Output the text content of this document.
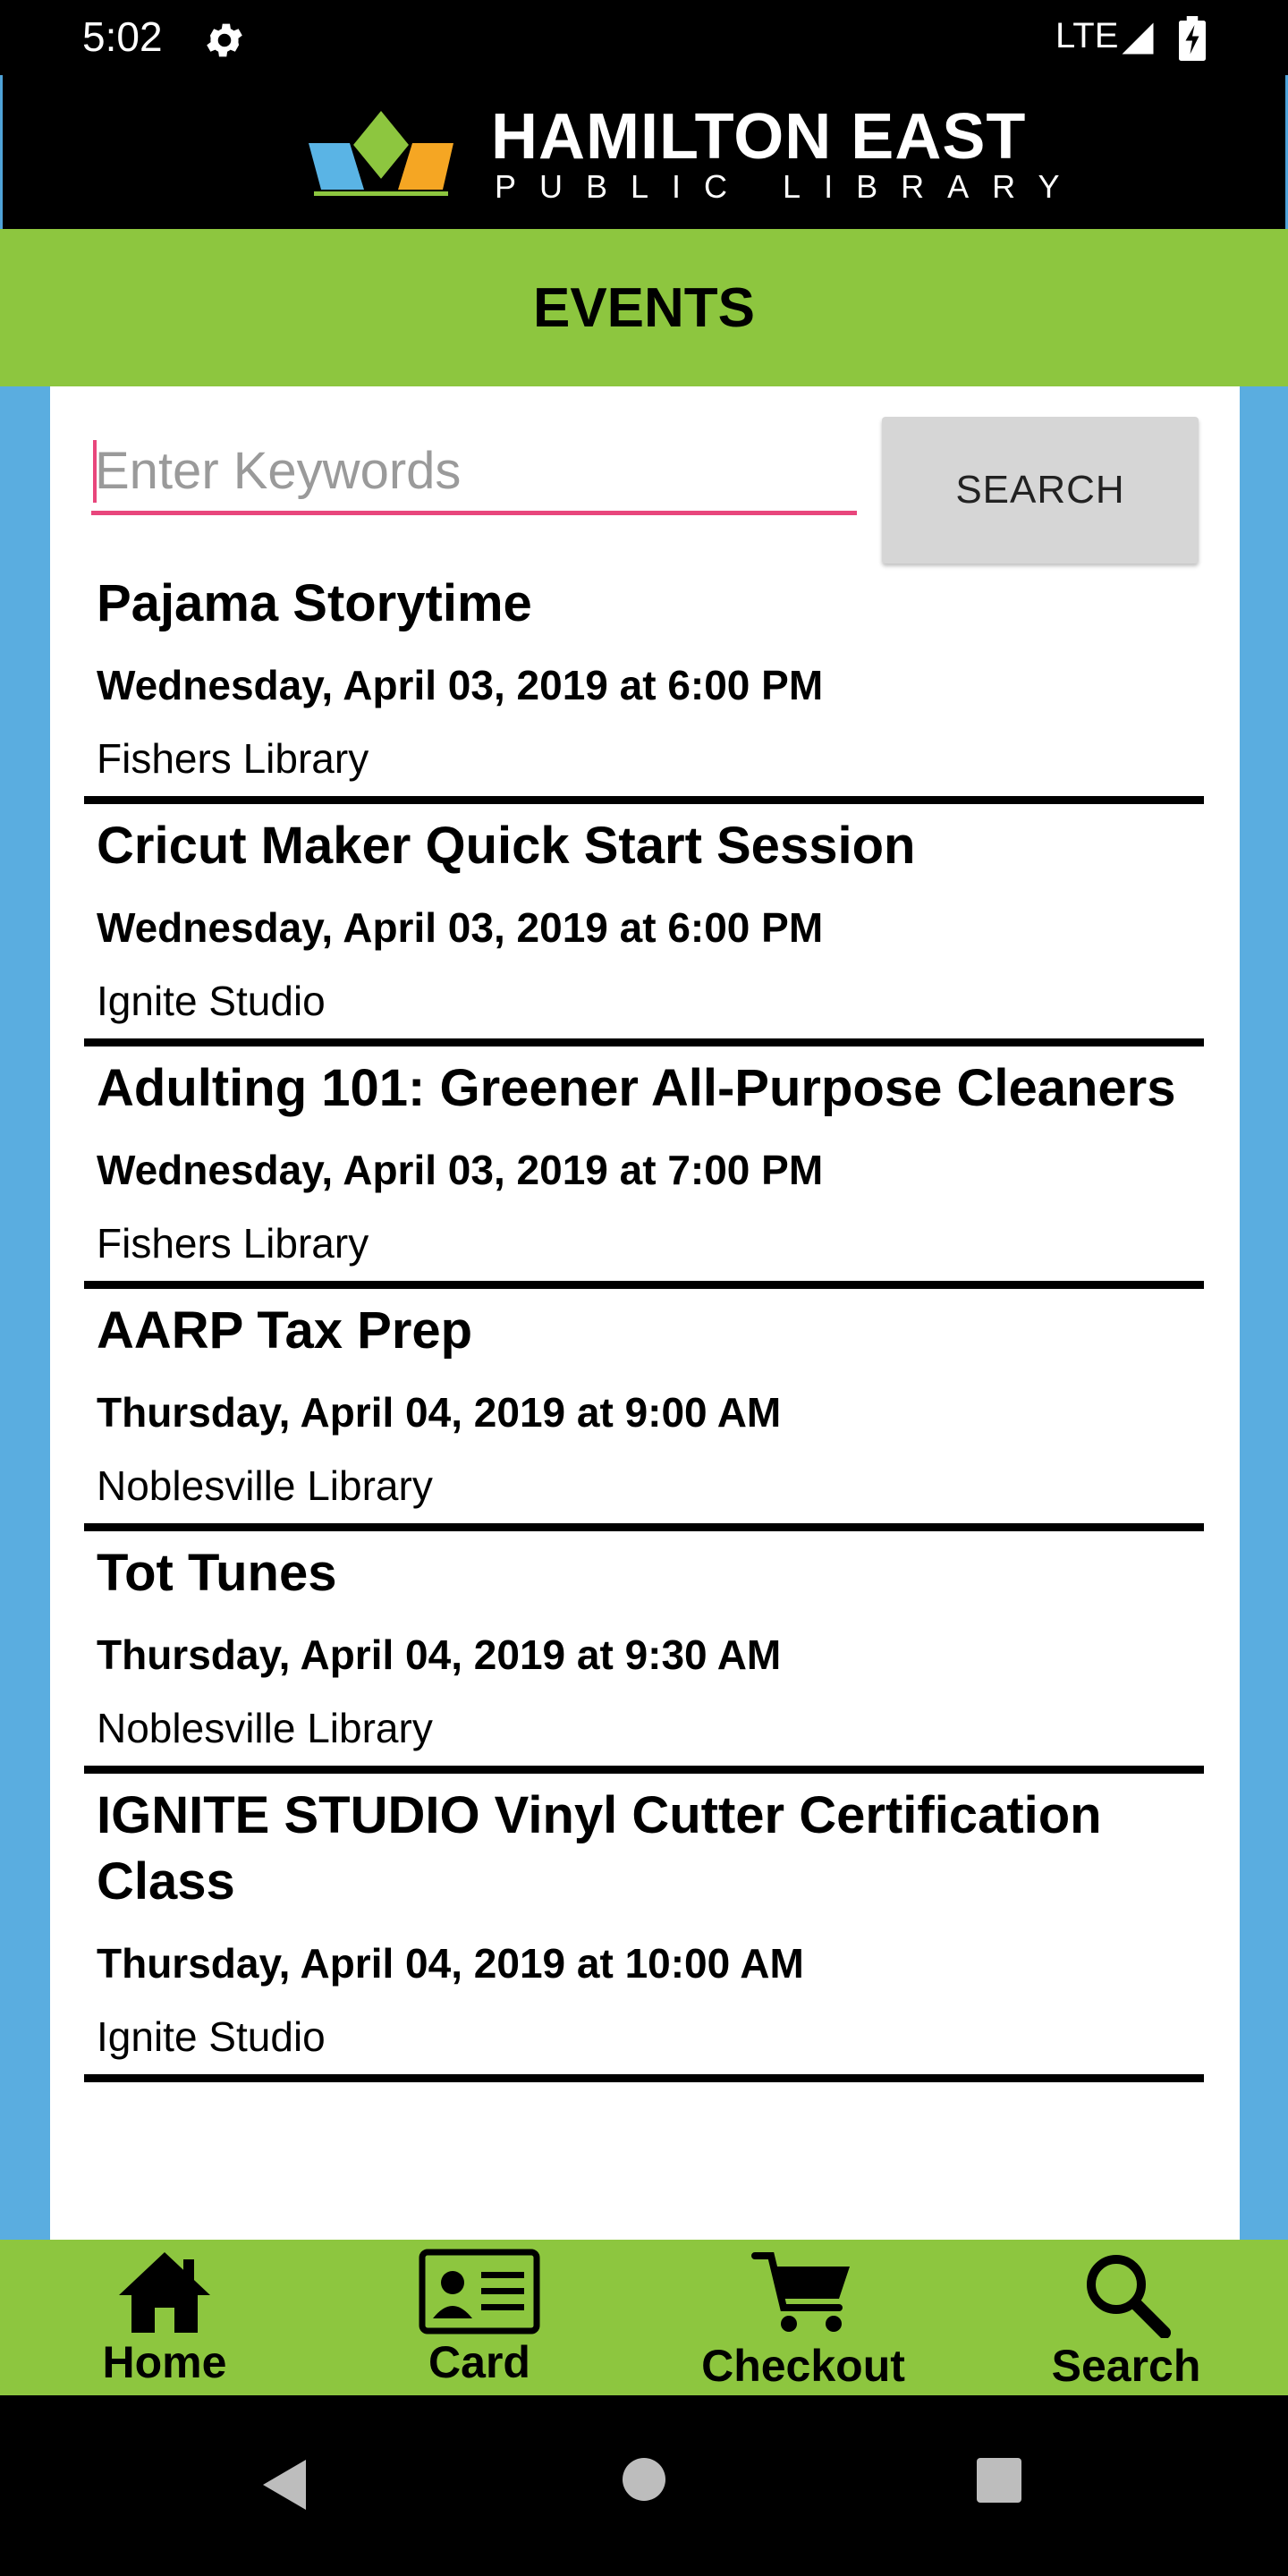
5:02	LTE
HAMILTON EAST
PUBLIC LIBRARY
EVENTS
Enter Keywords
SEARCH
Pajama Storytime
Wednesday, April 03, 2019 at 6:00 PM
Fishers Library
Cricut Maker Quick Start Session
Wednesday, April 03, 2019 at 6:00 PM
Ignite Studio
Adulting 101: Greener All-Purpose Cleaners
Wednesday, April 03, 2019 at 7:00 PM
Fishers Library
AARP Tax Prep
Thursday, April 04, 2019 at 9:00 AM
Noblesville Library
Tot Tunes
Thursday, April 04, 2019 at 9:30 AM
Noblesville Library
IGNITE STUDIO Vinyl Cutter Certification Class
Thursday, April 04, 2019 at 10:00 AM
Ignite Studio
Home	Card	Checkout	Search
